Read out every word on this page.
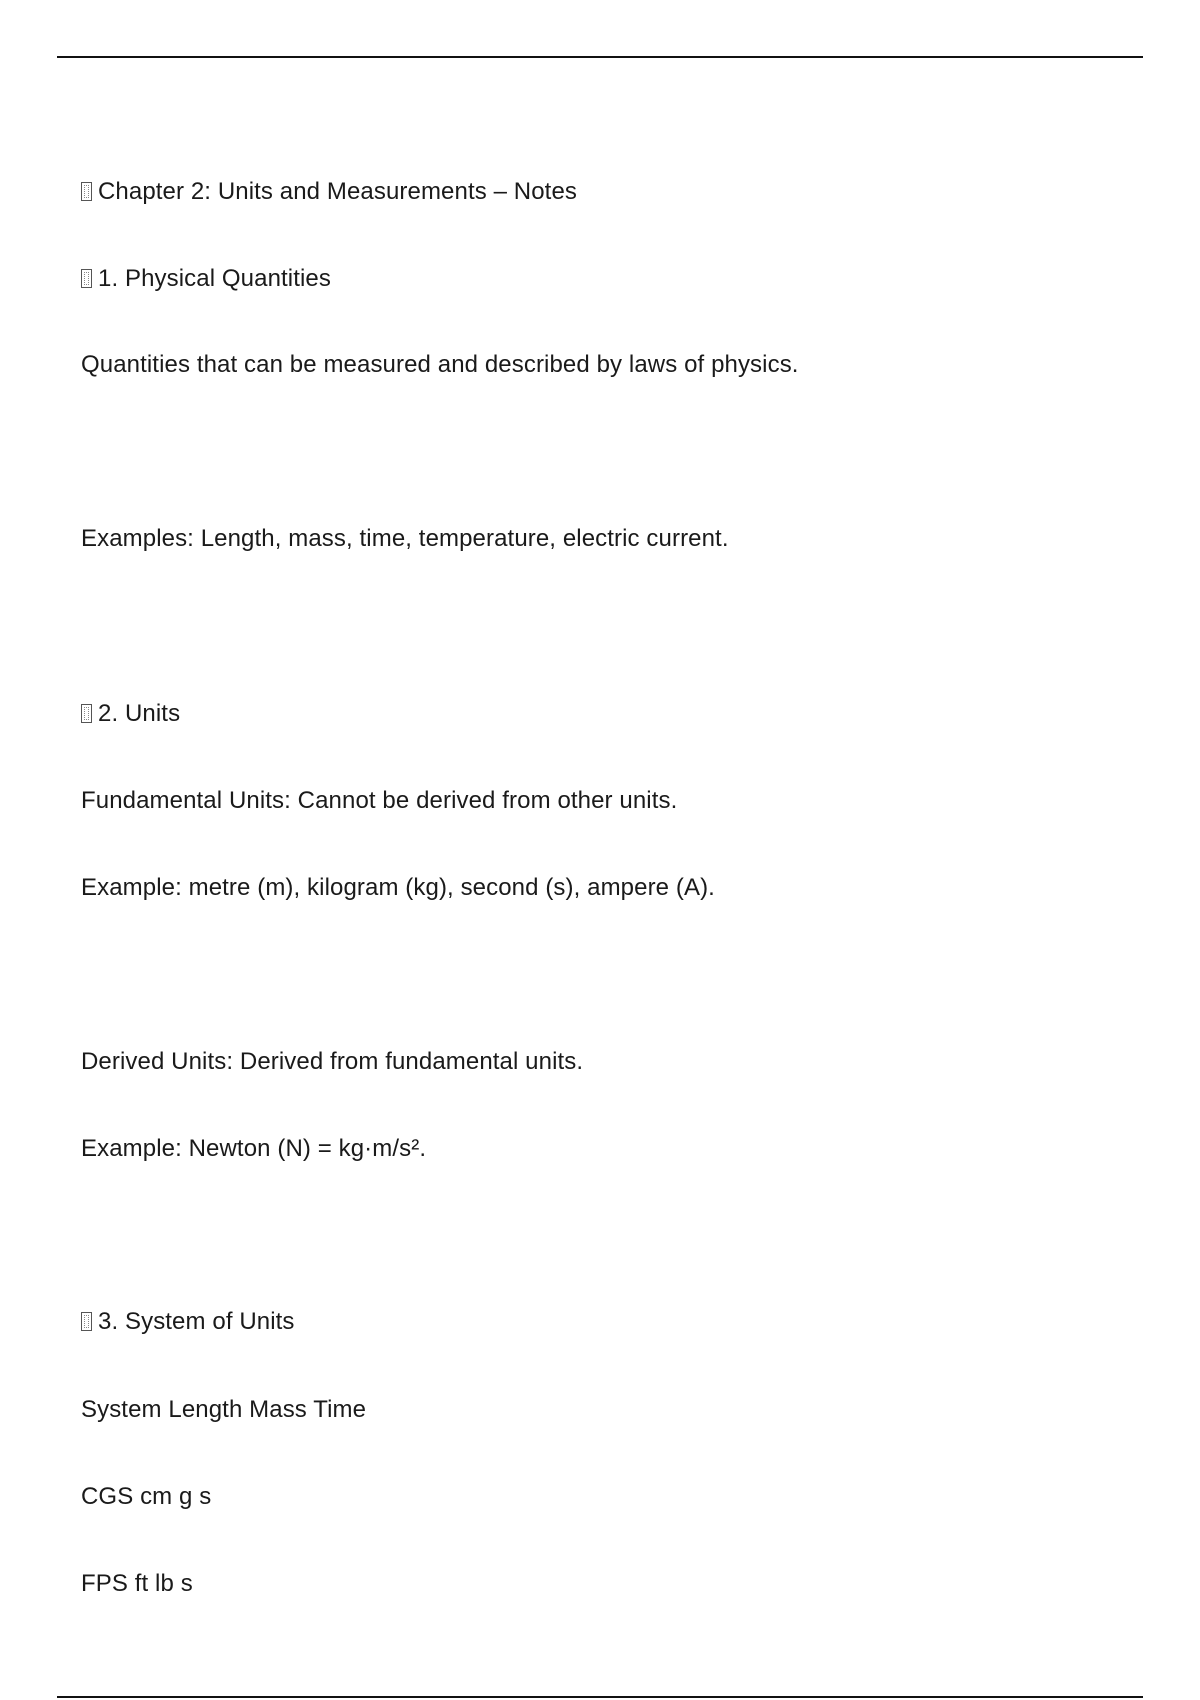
Chapter 2: Units and Measurements – Notes
1. Physical Quantities
Quantities that can be measured and described by laws of physics.
Examples: Length, mass, time, temperature, electric current.
2. Units
Fundamental Units: Cannot be derived from other units.
Example: metre (m), kilogram (kg), second (s), ampere (A).
Derived Units: Derived from fundamental units.
Example: Newton (N) = kg·m/s².
3. System of Units
System Length Mass Time
CGS cm g s
FPS ft lb s
